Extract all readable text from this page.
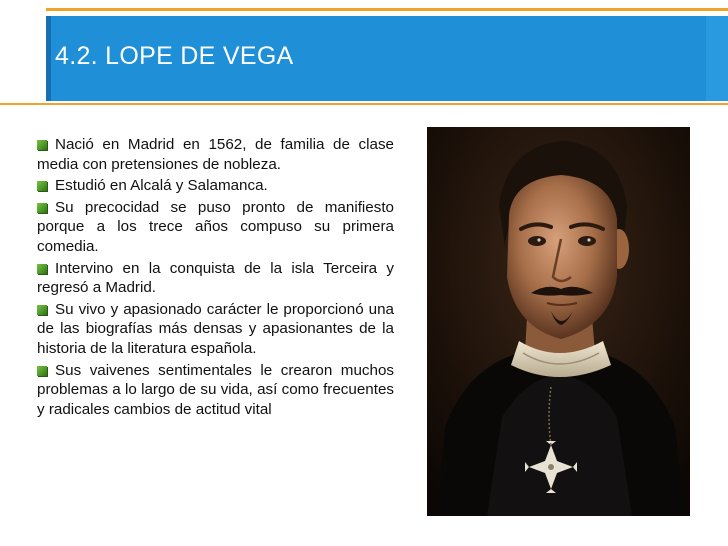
4.2. LOPE DE VEGA
Nació en Madrid en 1562, de familia de clase media con pretensiones de nobleza.
Estudió en Alcalá y Salamanca.
Su precocidad se puso pronto de manifiesto porque a los trece años compuso su primera comedia.
Intervino en la conquista de la isla Terceira y regresó a Madrid.
Su vivo y apasionado carácter le proporcionó una de las biografías más densas y apasionantes de la historia de la literatura española.
Sus vaivenes sentimentales le crearon muchos problemas a lo largo de su vida, así como frecuentes y radicales cambios de actitud vital
